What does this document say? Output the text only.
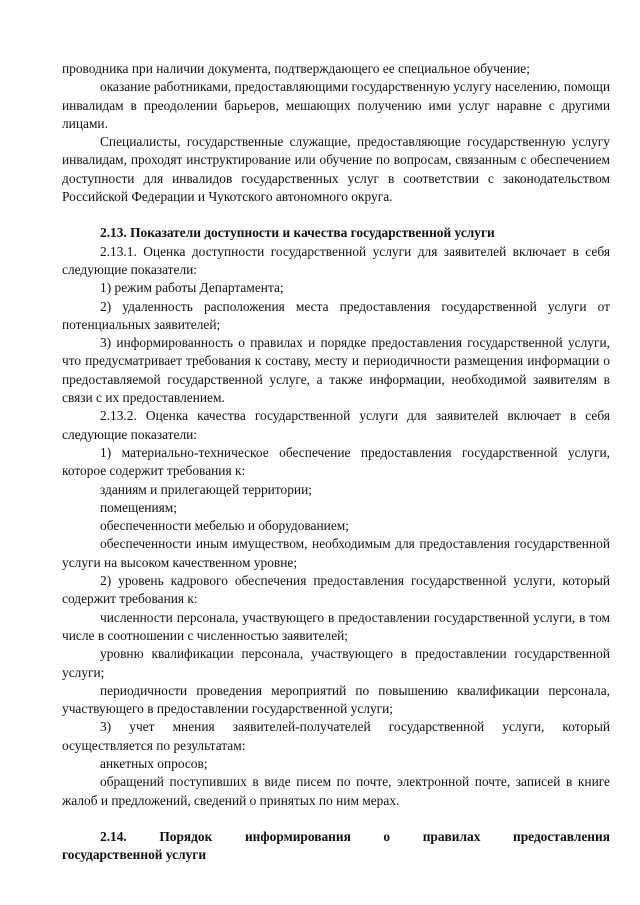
проводника при наличии документа, подтверждающего ее специальное обучение;

оказание работниками, предоставляющими государственную услугу населению, помощи инвалидам в преодолении барьеров, мешающих получению ими услуг наравне с другими лицами.

Специалисты, государственные служащие, предоставляющие государственную услугу инвалидам, проходят инструктирование или обучение по вопросам, связанным с обеспечением доступности для инвалидов государственных услуг в соответствии с законодательством Российской Федерации и Чукотского автономного округа.

2.13. Показатели доступности и качества государственной услуги

2.13.1. Оценка доступности государственной услуги для заявителей включает в себя следующие показатели:

1) режим работы Департамента;

2) удаленность расположения места предоставления государственной услуги от потенциальных заявителей;

3) информированность о правилах и порядке предоставления государственной услуги, что предусматривает требования к составу, месту и периодичности размещения информации о предоставляемой государственной услуге, а также информации, необходимой заявителям в связи с их предоставлением.

2.13.2. Оценка качества государственной услуги для заявителей включает в себя следующие показатели:

1) материально-техническое обеспечение предоставления государственной услуги, которое содержит требования к:

зданиям и прилегающей территории;

помещениям;

обеспеченности мебелью и оборудованием;

обеспеченности иным имуществом, необходимым для предоставления государственной услуги на высоком качественном уровне;

2) уровень кадрового обеспечения предоставления государственной услуги, который содержит требования к:

численности персонала, участвующего в предоставлении государственной услуги, в том числе в соотношении с численностью заявителей;

уровню квалификации персонала, участвующего в предоставлении государственной услуги;

периодичности проведения мероприятий по повышению квалификации персонала, участвующего в предоставлении государственной услуги;

3) учет мнения заявителей-получателей государственной услуги, который осуществляется по результатам:

анкетных опросов;

обращений поступивших в виде писем по почте, электронной почте, записей в книге жалоб и предложений, сведений о принятых по ним мерах.

2.14. Порядок информирования о правилах предоставления
государственной услуги
